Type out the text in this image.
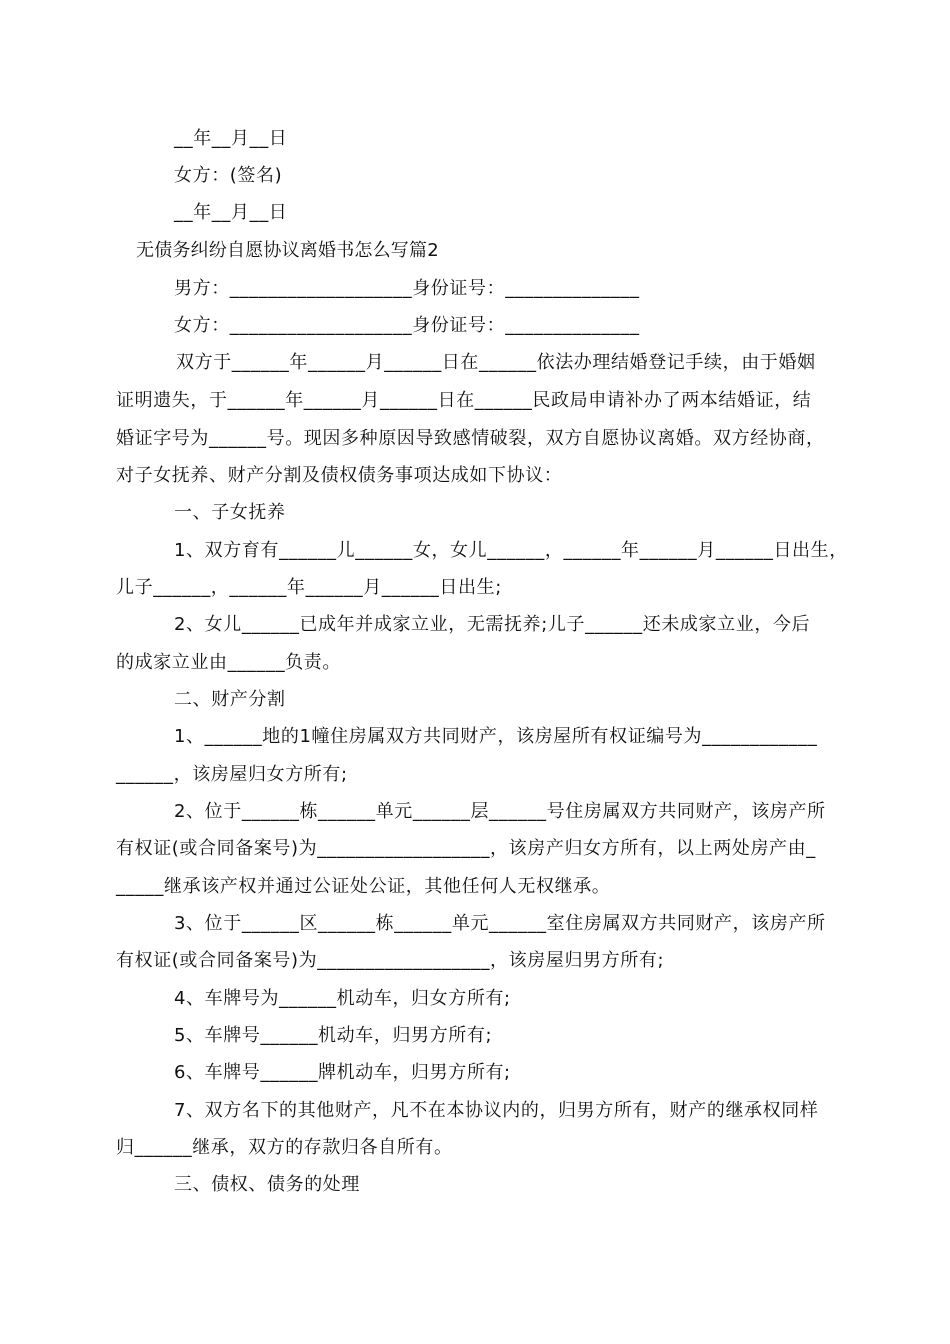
__年__月__日
女方：(签名)
__年__月__日
无债务纠纷自愿协议离婚书怎么写篇2
男方：___________________身份证号：______________
女方：___________________身份证号：______________
双方于______年______月______日在______依法办理结婚登记手续，由于婚姻
证明遗失，于______年______月______日在______民政局申请补办了两本结婚证，结
婚证字号为______号。现因多种原因导致感情破裂，双方自愿协议离婚。双方经协商，
对子女抚养、财产分割及债权债务事项达成如下协议：
一、子女抚养
1、双方育有______儿______女，女儿______，______年______月______日出生，
儿子______，______年______月______日出生;
2、女儿______已成年并成家立业，无需抚养;儿子______还未成家立业，今后
的成家立业由______负责。
二、财产分割
1、______地的1幢住房属双方共同财产，该房屋所有权证编号为____________
______，该房屋归女方所有;
2、位于______栋______单元______层______号住房属双方共同财产，该房产所
有权证(或合同备案号)为__________________，该房产归女方所有，以上两处房产由_
_____继承该产权并通过公证处公证，其他任何人无权继承。
3、位于______区______栋______单元______室住房属双方共同财产，该房产所
有权证(或合同备案号)为__________________，该房屋归男方所有;
4、车牌号为______机动车，归女方所有;
5、车牌号______机动车，归男方所有;
6、车牌号______牌机动车，归男方所有;
7、双方名下的其他财产，凡不在本协议内的，归男方所有，财产的继承权同样
归______继承，双方的存款归各自所有。
三、债权、债务的处理
